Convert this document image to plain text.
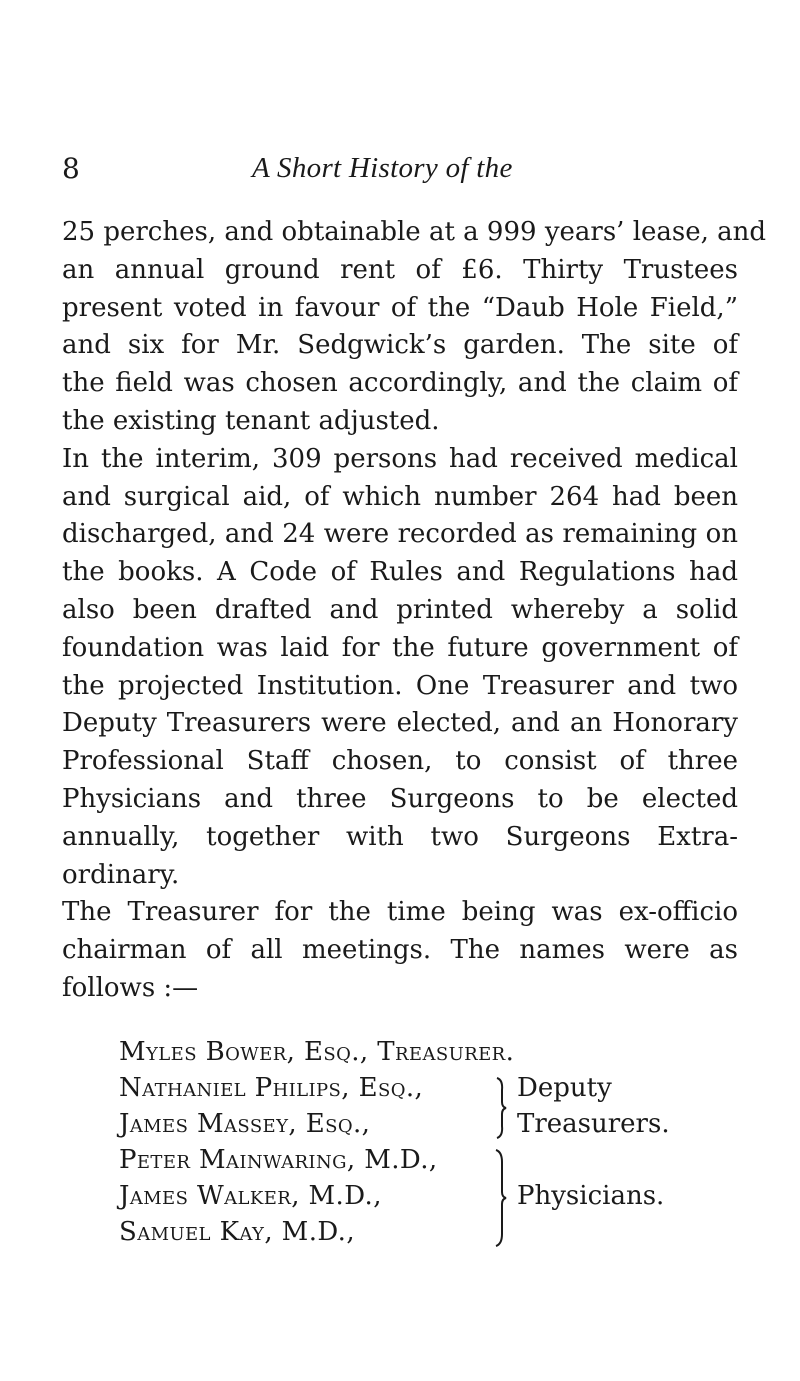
8	A Short History of the
25 perches, and obtainable at a 999 years’ lease, and
an annual ground rent of £6. Thirty Trustees
present voted in favour of the “Daub Hole Field,”
and six for Mr. Sedgwick’s garden. The site of
the field was chosen accordingly, and the claim of
the existing tenant adjusted.
In the interim, 309 persons had received medical
and surgical aid, of which number 264 had been
discharged, and 24 were recorded as remaining on
the books. A Code of Rules and Regulations had
also been drafted and printed whereby a solid
foundation was laid for the future government of
the projected Institution. One Treasurer and two
Deputy Treasurers were elected, and an Honorary
Professional Staff chosen, to consist of three
Physicians and three Surgeons to be elected
annually, together with two Surgeons Extra-
ordinary.
The Treasurer for the time being was ex-officio
chairman of all meetings. The names were as
follows :—
Myles Bower, Esq., Treasurer.
Nathaniel Philips, Esq.,
James Massey, Esq.,
Deputy
Treasurers.
Peter Mainwaring, M.D.,
James Walker, M.D.,
Samuel Kay, M.D.,
Physicians.
